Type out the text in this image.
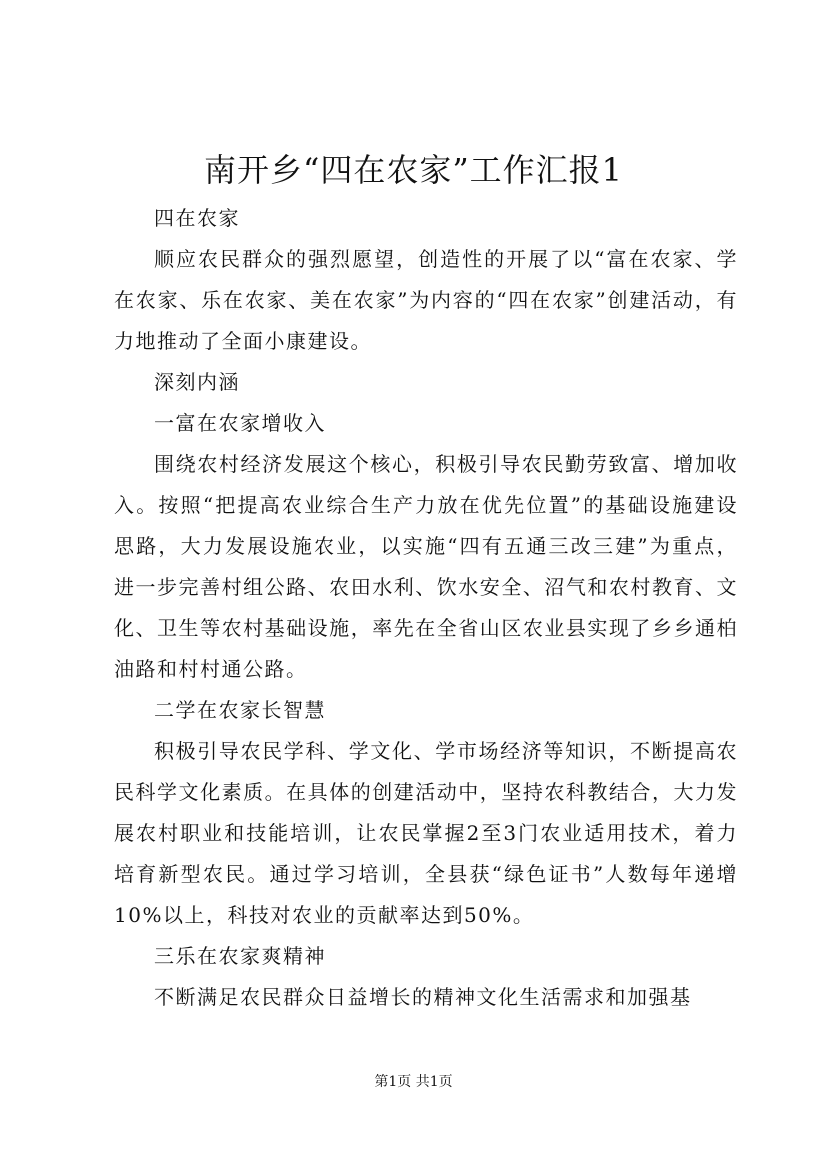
南开乡“四在农家”工作汇报1

四在农家

顺应农民群众的强烈愿望，创造性的开展了以“富在农家、学在农家、乐在农家、美在农家”为内容的“四在农家”创建活动，有力地推动了全面小康建设。

深刻内涵

一富在农家增收入

围绕农村经济发展这个核心，积极引导农民勤劳致富、增加收入。按照“把提高农业综合生产力放在优先位置”的基础设施建设思路，大力发展设施农业，以实施“四有五通三改三建”为重点，进一步完善村组公路、农田水利、饮水安全、沼气和农村教育、文化、卫生等农村基础设施，率先在全省山区农业县实现了乡乡通柏油路和村村通公路。

二学在农家长智慧

积极引导农民学科、学文化、学市场经济等知识，不断提高农民科学文化素质。在具体的创建活动中，坚持农科教结合，大力发展农村职业和技能培训，让农民掌握2至3门农业适用技术，着力培育新型农民。通过学习培训，全县获“绿色证书”人数每年递增10%以上，科技对农业的贡献率达到50%。

三乐在农家爽精神

不断满足农民群众日益增长的精神文化生活需求和加强基

第1页 共1页
